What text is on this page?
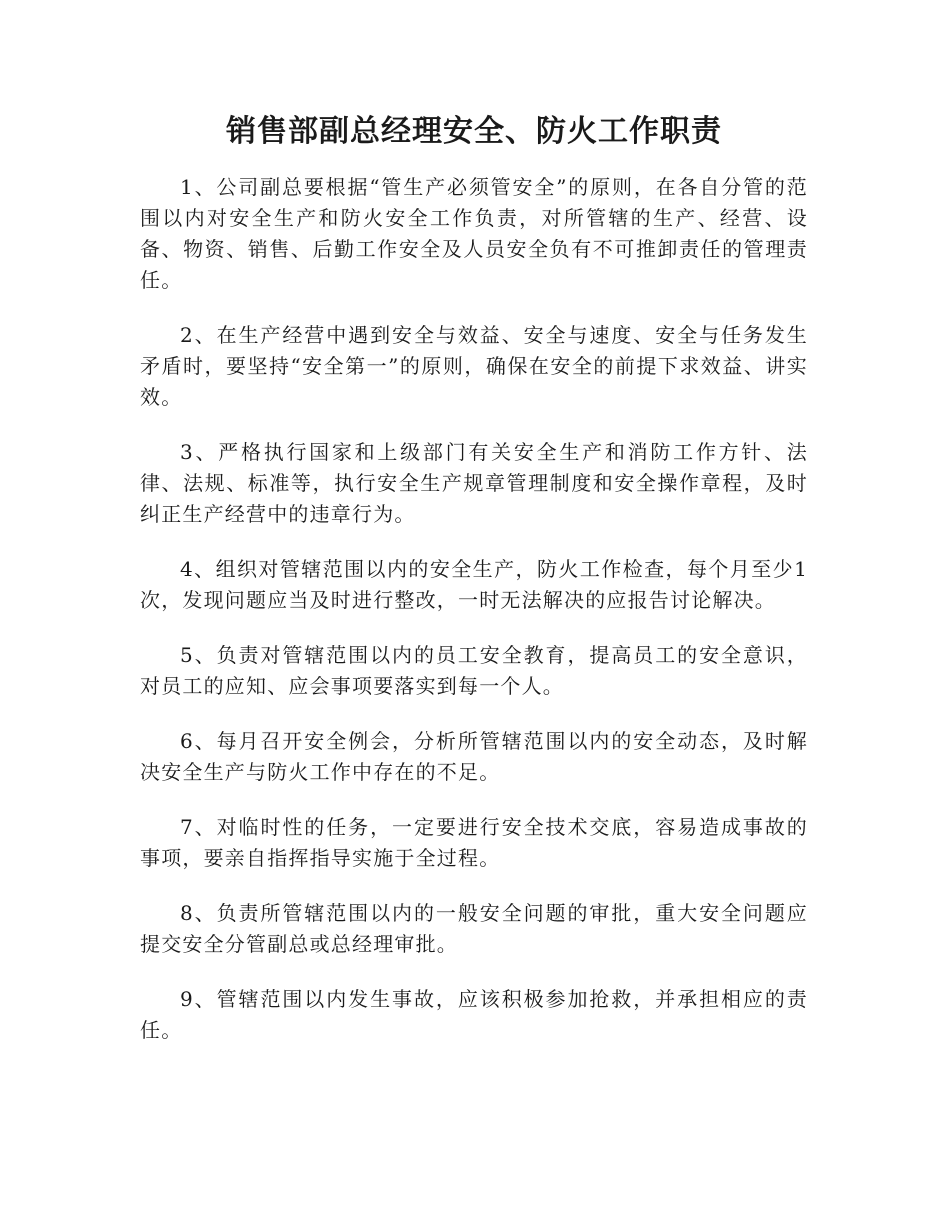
销售部副总经理安全、防火工作职责

1、公司副总要根据“管生产必须管安全”的原则，在各自分管的范围以内对安全生产和防火安全工作负责，对所管辖的生产、经营、设备、物资、销售、后勤工作安全及人员安全负有不可推卸责任的管理责任。

2、在生产经营中遇到安全与效益、安全与速度、安全与任务发生矛盾时，要坚持“安全第一”的原则，确保在安全的前提下求效益、讲实效。

3、严格执行国家和上级部门有关安全生产和消防工作方针、法律、法规、标准等，执行安全生产规章管理制度和安全操作章程，及时纠正生产经营中的违章行为。

4、组织对管辖范围以内的安全生产，防火工作检查，每个月至少1次，发现问题应当及时进行整改，一时无法解决的应报告讨论解决。

5、负责对管辖范围以内的员工安全教育，提高员工的安全意识，对员工的应知、应会事项要落实到每一个人。

6、每月召开安全例会，分析所管辖范围以内的安全动态，及时解决安全生产与防火工作中存在的不足。

7、对临时性的任务，一定要进行安全技术交底，容易造成事故的事项，要亲自指挥指导实施于全过程。

8、负责所管辖范围以内的一般安全问题的审批，重大安全问题应提交安全分管副总或总经理审批。

9、管辖范围以内发生事故，应该积极参加抢救，并承担相应的责任。
